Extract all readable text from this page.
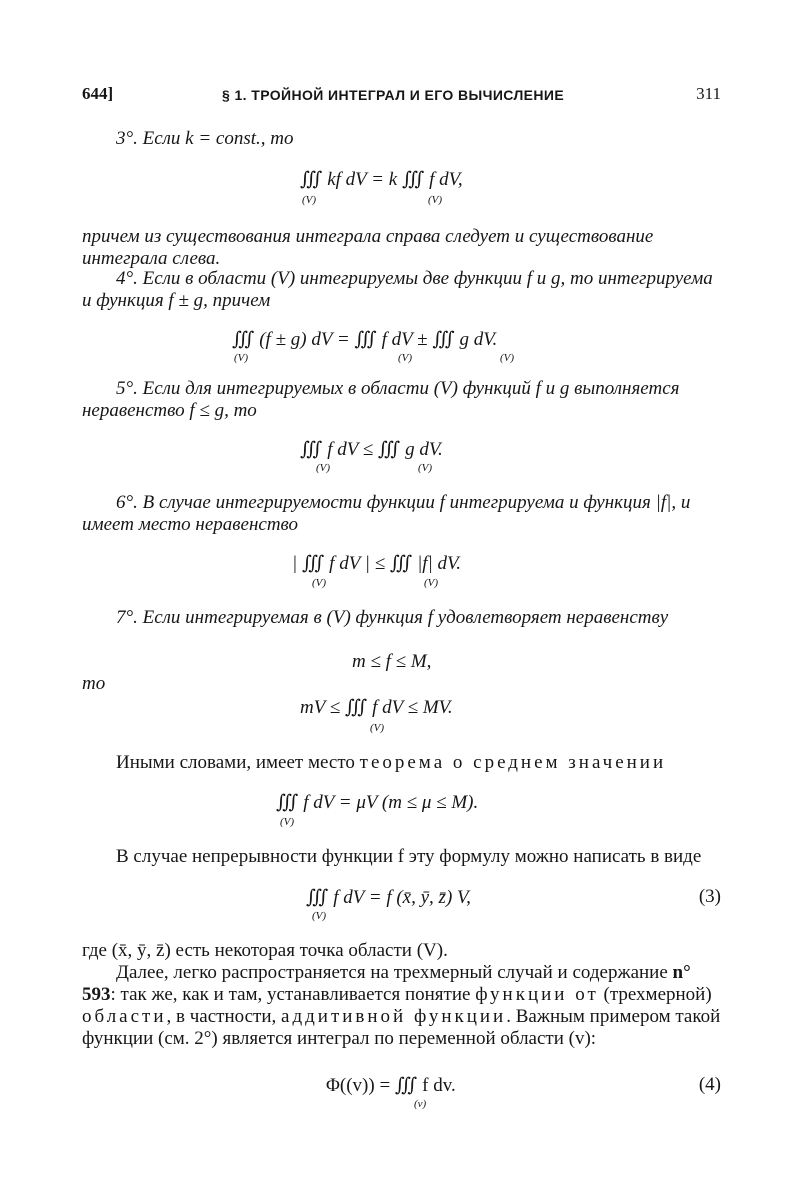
644]	§ 1. ТРОЙНОЙ ИНТЕГРАЛ И ЕГО ВЫЧИСЛЕНИЕ	311
3°. Если k = const., то
∭ kf dV = k ∭ f dV,
(V)	(V)
причем из существования интеграла справа следует и существование интеграла слева.
4°. Если в области (V) интегрируемы две функции f и g, то интегрируема и функция f ± g, причем
∭ (f ± g) dV = ∭ f dV ± ∭ g dV.
(V)	(V)	(V)
5°. Если для интегрируемых в области (V) функций f и g выполняется неравенство f ≤ g, то
∭ f dV ≤ ∭ g dV.
(V)	(V)
6°. В случае интегрируемости функции f интегрируема и функция |f|, и имеет место неравенство
| ∭ f dV | ≤ ∭ |f| dV.
(V)	(V)
7°. Если интегрируемая в (V) функция f удовлетворяет неравенству
m ≤ f ≤ M,
то
mV ≤ ∭ f dV ≤ MV.
(V)
Иными словами, имеет место теорема о среднем значении
∭ f dV = μV (m ≤ μ ≤ M).
(V)
В случае непрерывности функции f эту формулу можно написать в виде
∭ f dV = f (x̄, ȳ, z̄) V,
(V)
(3)
где (x̄, ȳ, z̄) есть некоторая точка области (V).
Далее, легко распространяется на трехмерный случай и содержание n° 593: так же, как и там, устанавливается понятие функции от (трехмерной) области, в частности, аддитивной функции. Важным примером такой функции (см. 2°) является интеграл по переменной области (v):
Φ((v)) = ∭ f dv.
(v)
(4)
